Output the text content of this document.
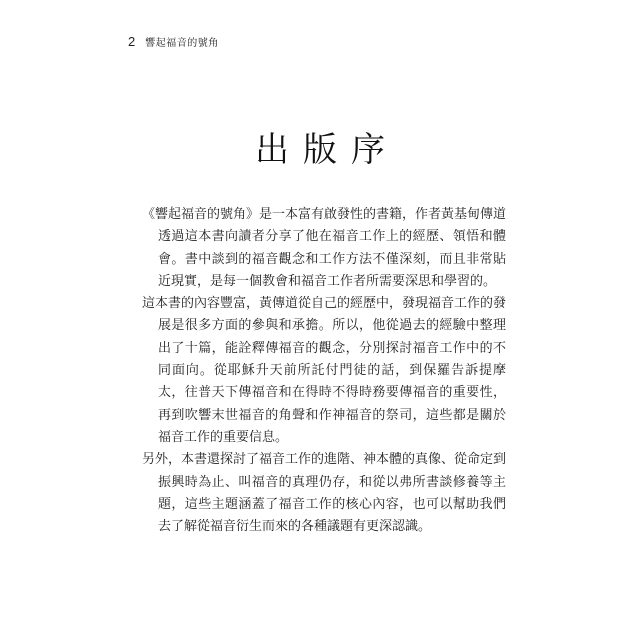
2 響起福音的號角
出版序

《響起福音的號角》是一本富有啟發性的書籍，作者黃基甸傳道透過這本書向讀者分享了他在福音工作上的經歷、領悟和體會。書中談到的福音觀念和工作方法不僅深刻，而且非常貼近現實，是每一個教會和福音工作者所需要深思和學習的。

這本書的內容豐富，黃傳道從自己的經歷中，發現福音工作的發展是很多方面的參與和承擔。所以，他從過去的經驗中整理出了十篇，能詮釋傳福音的觀念，分別探討福音工作中的不同面向。從耶穌升天前所託付門徒的話，到保羅告訴提摩太，往普天下傳福音和在得時不得時務要傳福音的重要性，再到吹響末世福音的角聲和作神福音的祭司，這些都是關於福音工作的重要信息。

另外，本書還探討了福音工作的進階、神本體的真像、從命定到振興時為止、叫福音的真理仍存，和從以弗所書談修養等主題，這些主題涵蓋了福音工作的核心內容，也可以幫助我們去了解從福音衍生而來的各種議題有更深認識。
